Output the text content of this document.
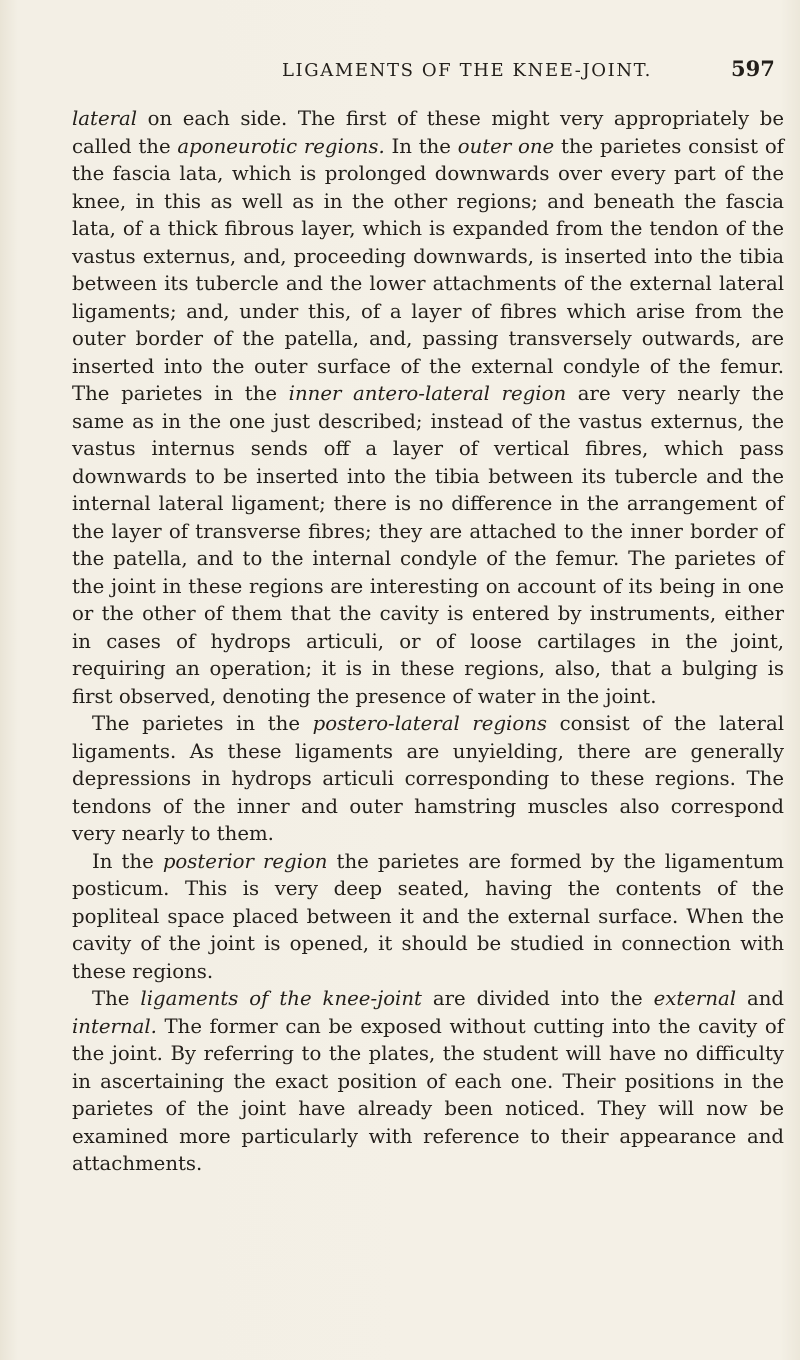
LIGAMENTS OF THE KNEE-JOINT.	597

lateral on each side. The first of these might very appropriately be called the aponeurotic regions. In the outer one the parietes consist of the fascia lata, which is prolonged downwards over every part of the knee, in this as well as in the other regions; and beneath the fascia lata, of a thick fibrous layer, which is expanded from the tendon of the vastus externus, and, proceeding downwards, is inserted into the tibia between its tubercle and the lower attachments of the external lateral ligaments; and, under this, of a layer of fibres which arise from the outer border of the patella, and, passing transversely outwards, are inserted into the outer surface of the external condyle of the femur. The parietes in the inner antero-lateral region are very nearly the same as in the one just described; instead of the vastus externus, the vastus internus sends off a layer of vertical fibres, which pass downwards to be inserted into the tibia between its tubercle and the internal lateral ligament; there is no difference in the arrangement of the layer of transverse fibres; they are attached to the inner border of the patella, and to the internal condyle of the femur. The parietes of the joint in these regions are interesting on account of its being in one or the other of them that the cavity is entered by instruments, either in cases of hydrops articuli, or of loose cartilages in the joint, requiring an operation; it is in these regions, also, that a bulging is first observed, denoting the presence of water in the joint.

The parietes in the postero-lateral regions consist of the lateral ligaments. As these ligaments are unyielding, there are generally depressions in hydrops articuli corresponding to these regions. The tendons of the inner and outer hamstring muscles also correspond very nearly to them.

In the posterior region the parietes are formed by the ligamentum posticum. This is very deep seated, having the contents of the popliteal space placed between it and the external surface. When the cavity of the joint is opened, it should be studied in connection with these regions.

The ligaments of the knee-joint are divided into the external and internal. The former can be exposed without cutting into the cavity of the joint. By referring to the plates, the student will have no difficulty in ascertaining the exact position of each one. Their positions in the parietes of the joint have already been noticed. They will now be examined more particularly with reference to their appearance and attachments.
